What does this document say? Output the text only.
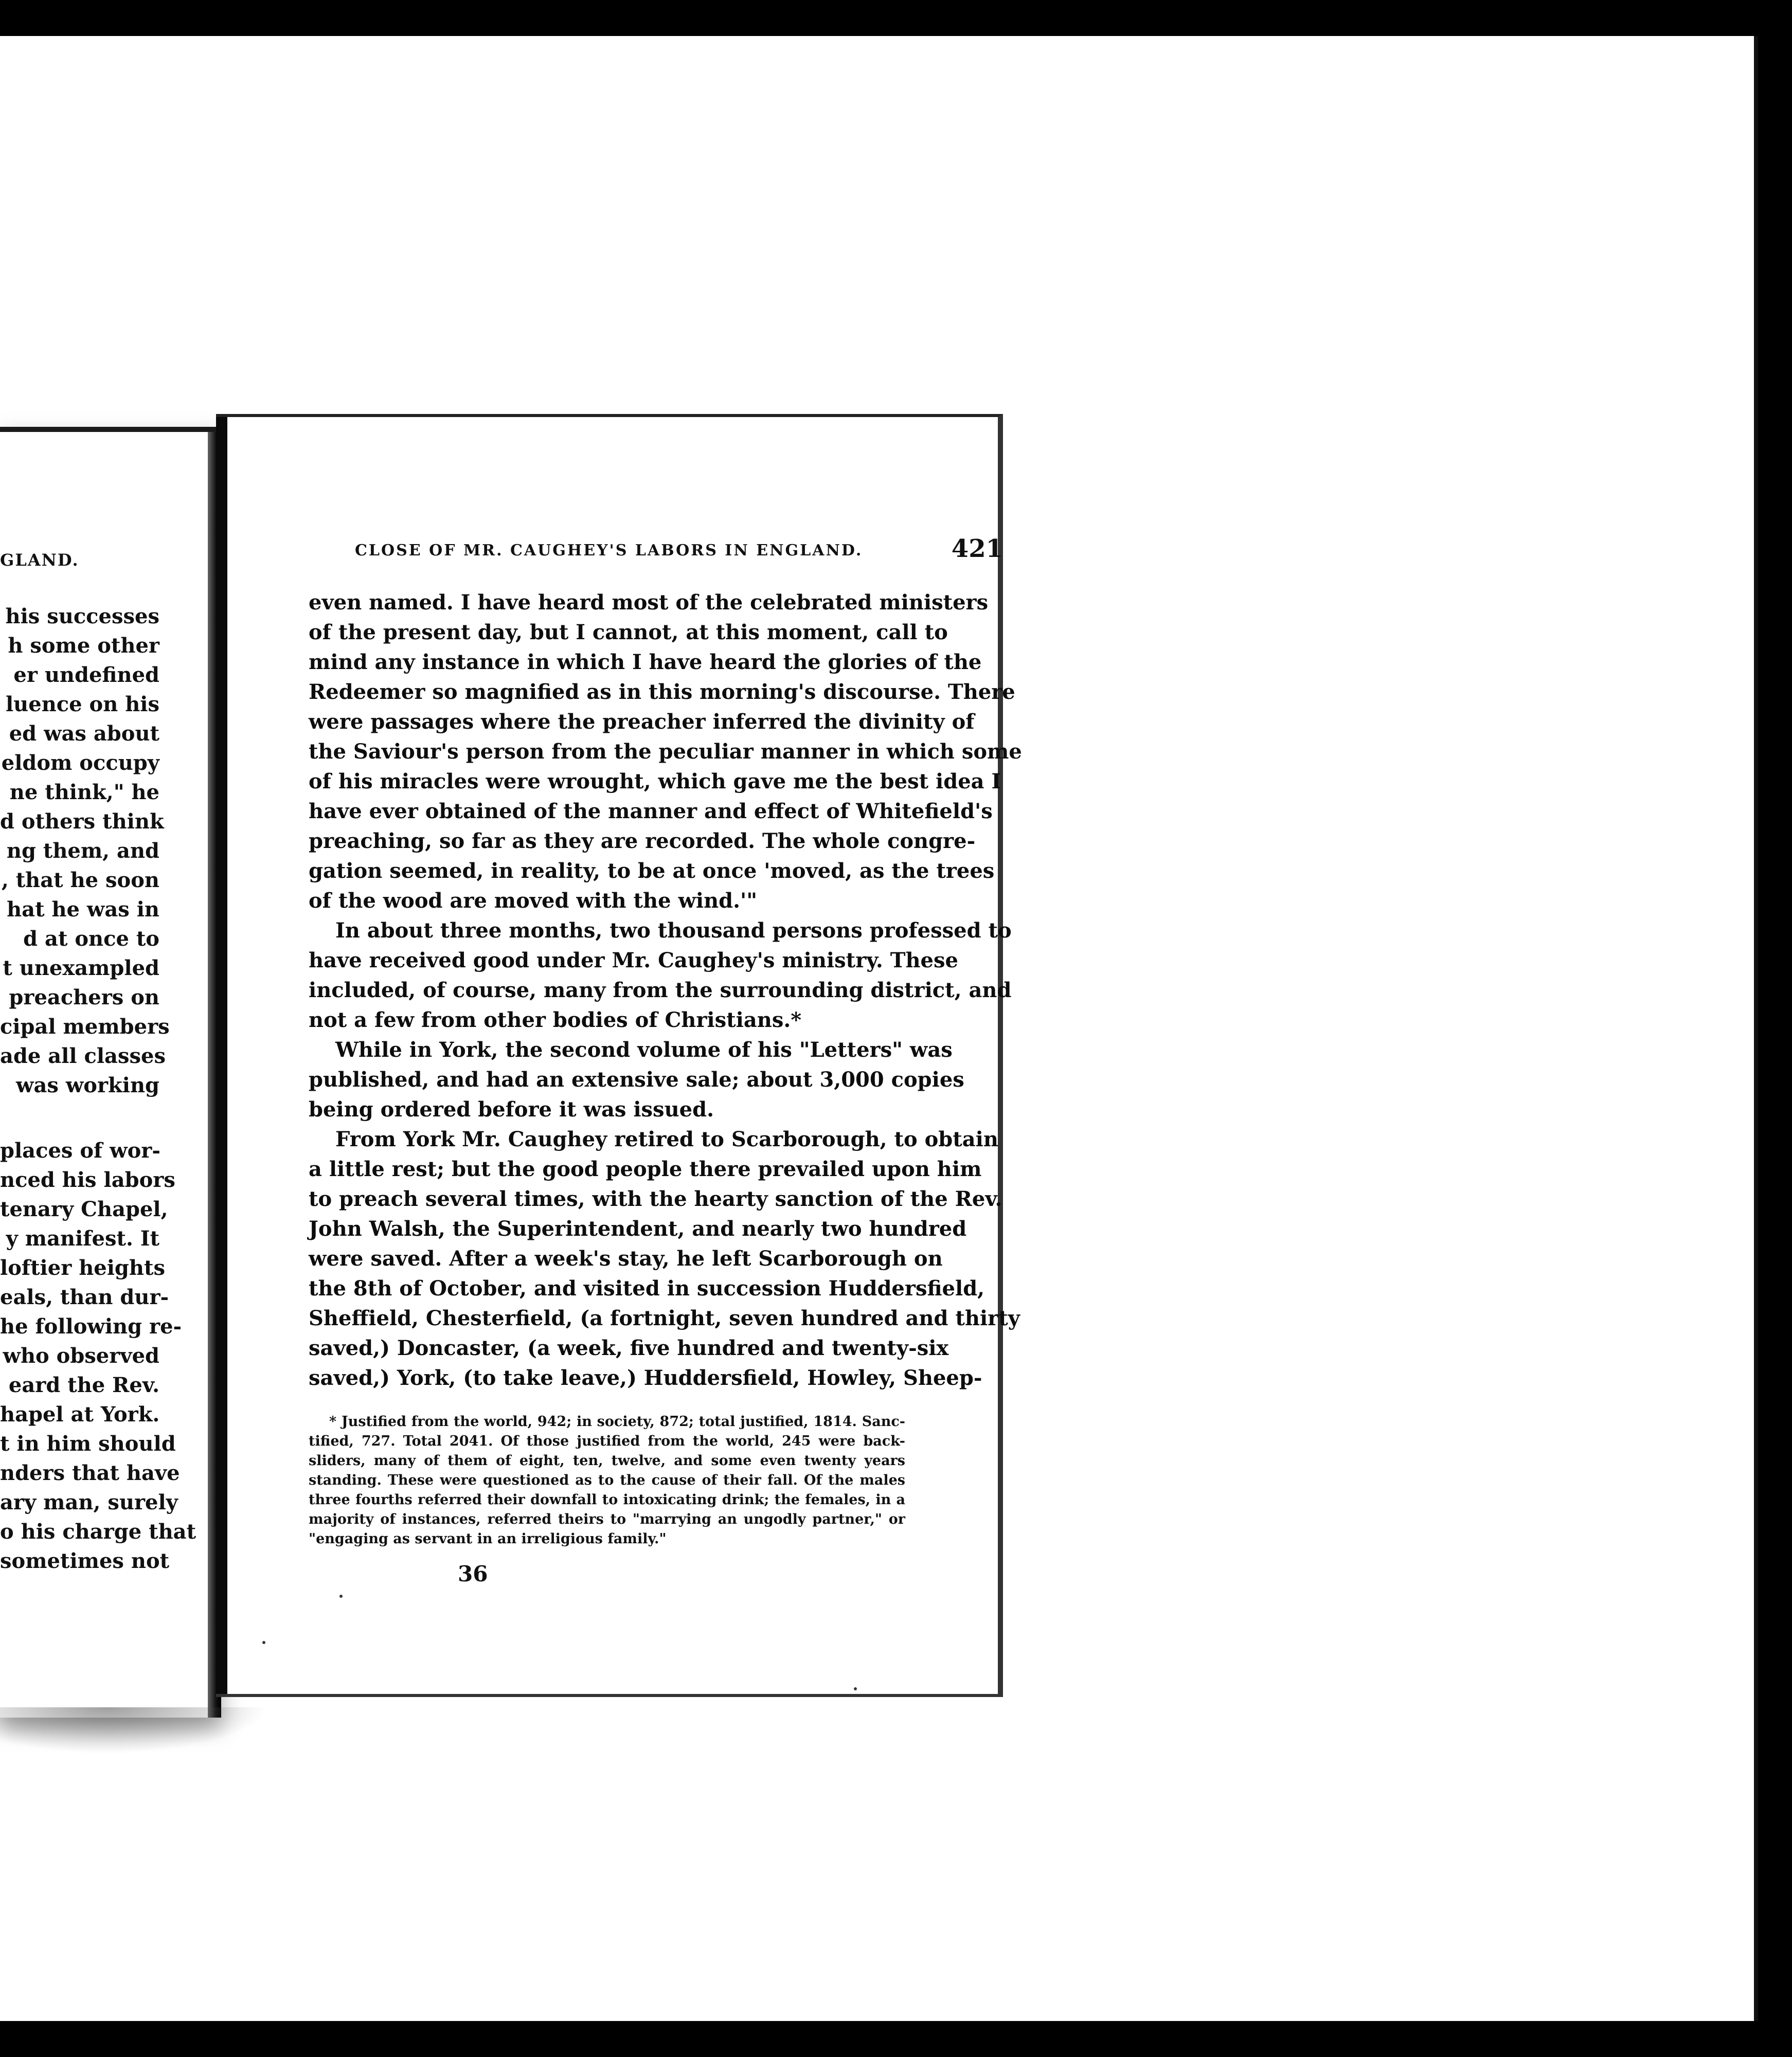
GLAND.
his successes
h some other
er undefined
luence on his
ed was about
eldom occupy
ne think," he
d others think
ng them, and
, that he soon
hat he was in
d at once to
t unexampled
preachers on
cipal members
ade all classes
was working
places of wor-
nced his labors
tenary Chapel,
y manifest. It
loftier heights
eals, than dur-
he following re-
who observed
eard the Rev.
hapel at York.
t in him should
nders that have
ary man, surely
o his charge that
sometimes not
CLOSE OF MR. CAUGHEY'S LABORS IN ENGLAND.	421
even named. I have heard most of the celebrated ministers
of the present day, but I cannot, at this moment, call to
mind any instance in which I have heard the glories of the
Redeemer so magnified as in this morning's discourse. There
were passages where the preacher inferred the divinity of
the Saviour's person from the peculiar manner in which some
of his miracles were wrought, which gave me the best idea I
have ever obtained of the manner and effect of Whitefield's
preaching, so far as they are recorded. The whole congre-
gation seemed, in reality, to be at once 'moved, as the trees
of the wood are moved with the wind.'"
In about three months, two thousand persons professed to
have received good under Mr. Caughey's ministry. These
included, of course, many from the surrounding district, and
not a few from other bodies of Christians.*
While in York, the second volume of his "Letters" was
published, and had an extensive sale; about 3,000 copies
being ordered before it was issued.
From York Mr. Caughey retired to Scarborough, to obtain
a little rest; but the good people there prevailed upon him
to preach several times, with the hearty sanction of the Rev.
John Walsh, the Superintendent, and nearly two hundred
were saved. After a week's stay, he left Scarborough on
the 8th of October, and visited in succession Huddersfield,
Sheffield, Chesterfield, (a fortnight, seven hundred and thirty
saved,) Doncaster, (a week, five hundred and twenty-six
saved,) York, (to take leave,) Huddersfield, Howley, Sheep-
* Justified from the world, 942; in society, 872; total justified, 1814. Sanc-
tified, 727. Total 2041. Of those justified from the world, 245 were back-
sliders, many of them of eight, ten, twelve, and some even twenty years
standing. These were questioned as to the cause of their fall. Of the males
three fourths referred their downfall to intoxicating drink; the females, in a
majority of instances, referred theirs to "marrying an ungodly partner," or
"engaging as servant in an irreligious family."
36
